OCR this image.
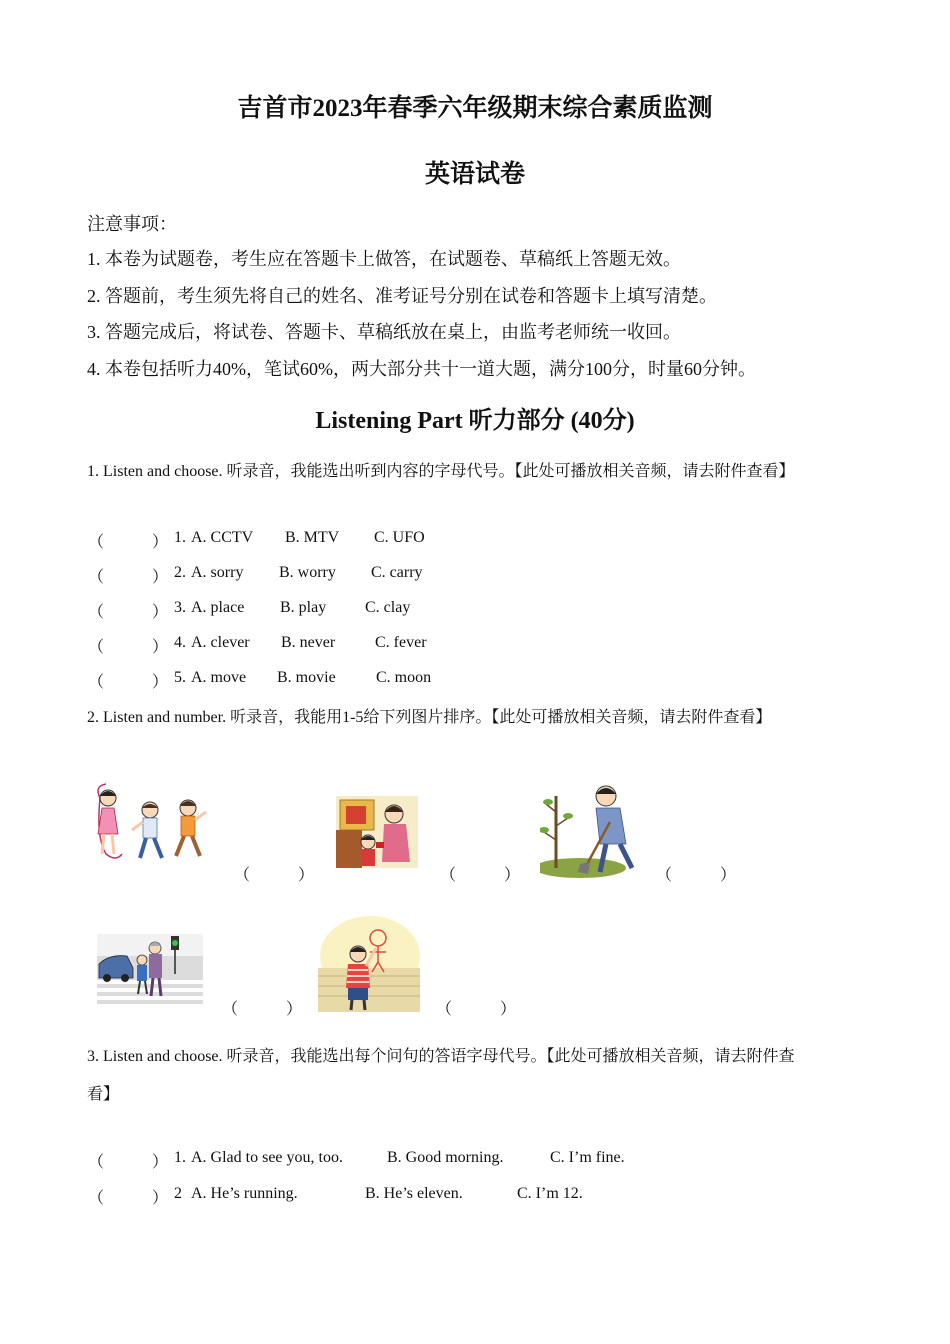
吉首市2023年春季六年级期末综合素质监测
英语试卷
注意事项：
1. 本卷为试题卷，考生应在答题卡上做答，在试题卷、草稿纸上答题无效。
2. 答题前，考生须先将自己的姓名、准考证号分别在试卷和答题卡上填写清楚。
3. 答题完成后，将试卷、答题卡、草稿纸放在桌上，由监考老师统一收回。
4. 本卷包括听力40%，笔试60%，两大部分共十一道大题，满分100分，时量60分钟。
Listening Part 听力部分 (40分)
1. Listen and choose. 听录音，我能选出听到内容的字母代号。【此处可播放相关音频，请去附件查看】
（　　　） 1. A. CCTV B. MTV C. UFO
（　　　） 2. A. sorry B. worry C. carry
（　　　） 3. A. place B. play C. clay
（　　　） 4. A. clever B. never C. fever
（　　　） 5. A. move B. movie	C. moon
2. Listen and number. 听录音，我能用1-5给下列图片排序。【此处可播放相关音频，请去附件查看】
（　　　）	（　　　）	（　　　）
（　　　）	（　　　）
3. Listen and choose. 听录音，我能选出每个问句的答语字母代号。【此处可播放相关音频，请去附件查
看】
（　　　） 1. A. Glad to see you, too.	B. Good morning.	C. I’m fine.
（　　　） 2 A. He’s running.	B. He’s eleven.	C. I’m 12.
